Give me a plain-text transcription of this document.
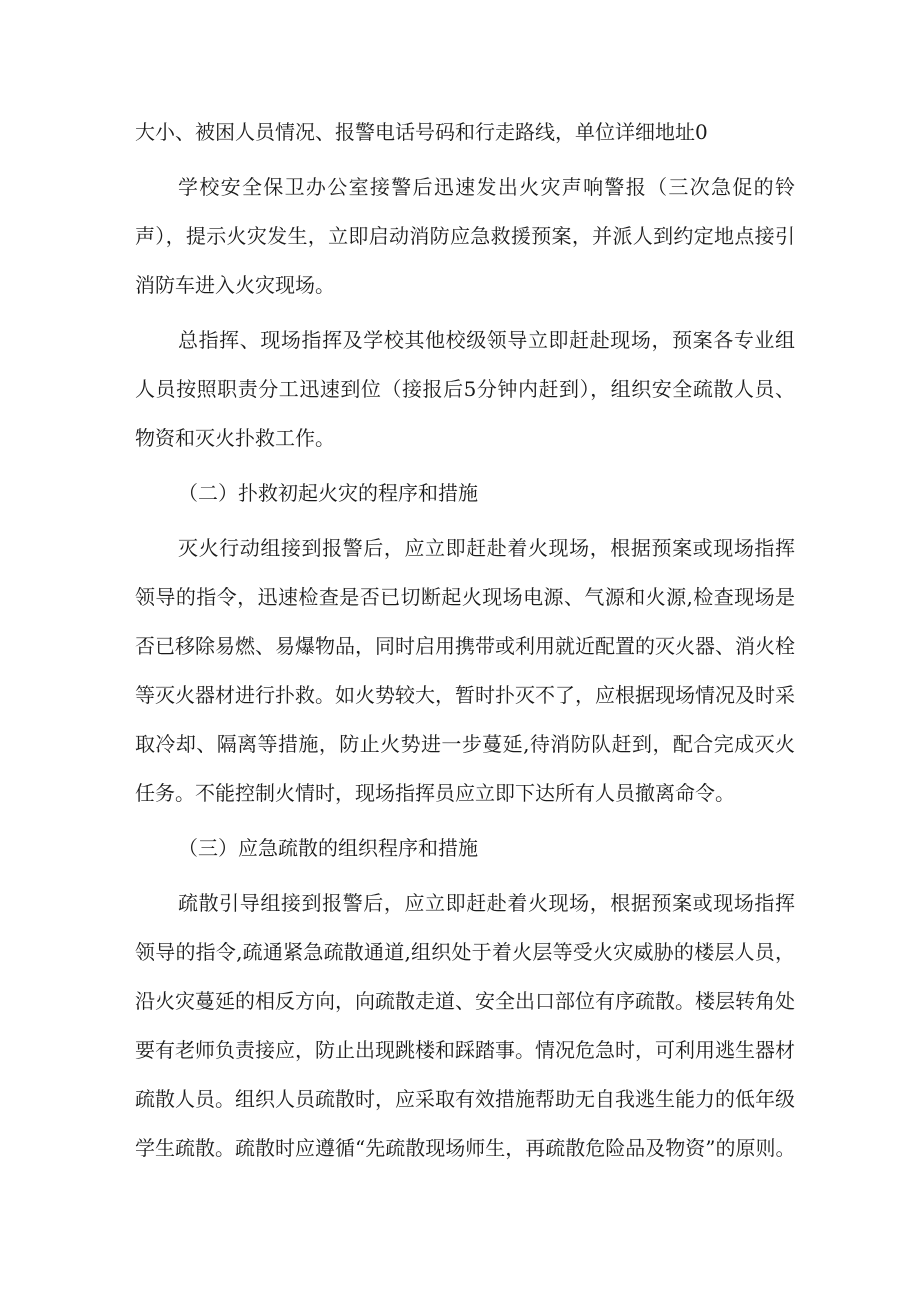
大小、被困人员情况、报警电话号码和行走路线，单位详细地址0
学校安全保卫办公室接警后迅速发出火灾声响警报（三次急促的铃
声），提示火灾发生，立即启动消防应急救援预案，并派人到约定地点接引
消防车进入火灾现场。
总指挥、现场指挥及学校其他校级领导立即赶赴现场，预案各专业组
人员按照职责分工迅速到位（接报后5分钟内赶到），组织安全疏散人员、
物资和灭火扑救工作。
（二）扑救初起火灾的程序和措施
灭火行动组接到报警后，应立即赶赴着火现场，根据预案或现场指挥
领导的指令，迅速检查是否已切断起火现场电源、气源和火源,检查现场是
否已移除易燃、易爆物品，同时启用携带或利用就近配置的灭火器、消火栓
等灭火器材进行扑救。如火势较大，暂时扑灭不了，应根据现场情况及时采
取冷却、隔离等措施，防止火势进一步蔓延,待消防队赶到，配合完成灭火
任务。不能控制火情时，现场指挥员应立即下达所有人员撤离命令。
（三）应急疏散的组织程序和措施
疏散引导组接到报警后，应立即赶赴着火现场，根据预案或现场指挥
领导的指令,疏通紧急疏散通道,组织处于着火层等受火灾威胁的楼层人员，
沿火灾蔓延的相反方向，向疏散走道、安全出口部位有序疏散。楼层转角处
要有老师负责接应，防止出现跳楼和踩踏事。情况危急时，可利用逃生器材
疏散人员。组织人员疏散时，应采取有效措施帮助无自我逃生能力的低年级
学生疏散。疏散时应遵循“先疏散现场师生，再疏散危险品及物资”的原则。
